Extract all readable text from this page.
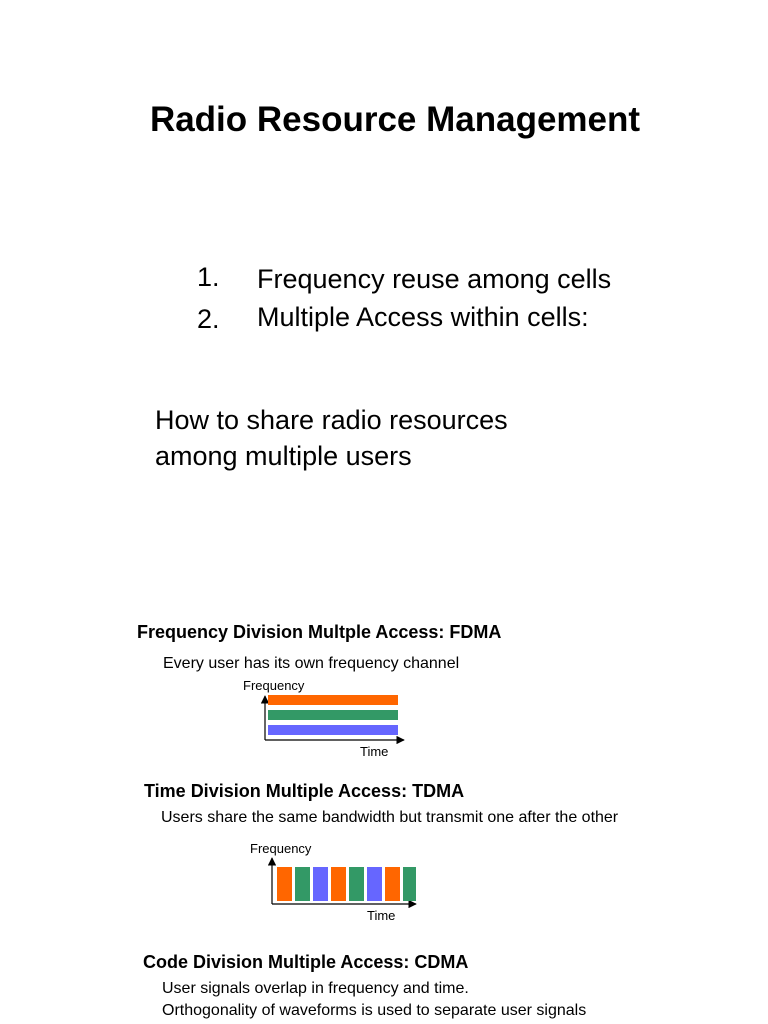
Radio Resource Management
1. Frequency reuse among cells
2. Multiple Access within cells:
How to share radio resources
among multiple users
Frequency Division Multple Access: FDMA
Every user has its own frequency channel
Frequency
Time
Time Division Multiple Access: TDMA
Users share the same bandwidth but transmit one after the other
Frequency
Time
Code Division Multiple Access: CDMA
User signals overlap in frequency and time.
Orthogonality of waveforms is used to separate user signals
